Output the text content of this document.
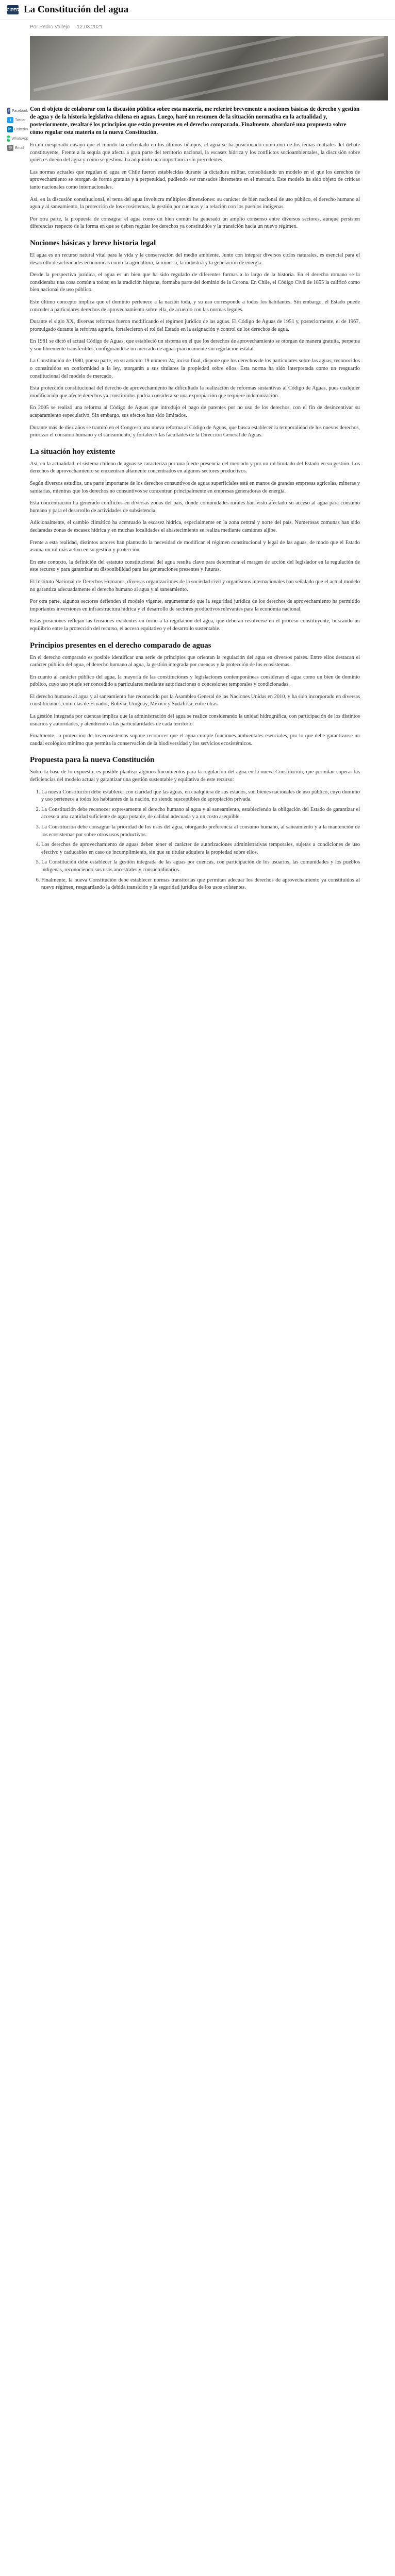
CIPER La Constitución del agua
Por Pedro Vallejo 12.03.2021
f Facebook
t	Twitter
in LinkedIn
w WhatsApp
@ Email

Con el objeto de colaborar con la discusión pública sobre esta materia, me referiré brevemente a nociones básicas de derecho y gestión de agua y de la historia legislativa chilena en aguas. Luego, haré un resumen de la situación normativa en la actualidad y, posteriormente, resaltaré los principios que están presentes en el derecho comparado. Finalmente, abordaré una propuesta sobre cómo regular esta materia en la nueva Constitución.

En un inesperado ensayo que el mundo ha enfrentado en los últimos tiempos, el agua se ha posicionado como uno de los temas centrales del debate constituyente. Frente a la sequía que afecta a gran parte del territorio nacional, la escasez hídrica y los conflictos socioambientales, la discusión sobre quién es dueño del agua y cómo se gestiona ha adquirido una importancia sin precedentes.

Las normas actuales que regulan el agua en Chile fueron establecidas durante la dictadura militar, consolidando un modelo en el que los derechos de aprovechamiento se otorgan de forma gratuita y a perpetuidad, pudiendo ser transados libremente en el mercado. Este modelo ha sido objeto de críticas tanto nacionales como internacionales.

Así, en la discusión constitucional, el tema del agua involucra múltiples dimensiones: su carácter de bien nacional de uso público, el derecho humano al agua y al saneamiento, la protección de los ecosistemas, la gestión por cuencas y la relación con los pueblos indígenas.

Por otra parte, la propuesta de consagrar el agua como un bien común ha generado un amplio consenso entre diversos sectores, aunque persisten diferencias respecto de la forma en que se deben regular los derechos ya constituidos y la transición hacia un nuevo régimen.

Nociones básicas y breve historia legal

El agua es un recurso natural vital para la vida y la conservación del medio ambiente. Junto con integrar diversos ciclos naturales, es esencial para el desarrollo de actividades económicas como la agricultura, la minería, la industria y la generación de energía.

Desde la perspectiva jurídica, el agua es un bien que ha sido regulado de diferentes formas a lo largo de la historia. En el derecho romano se la consideraba una cosa común a todos; en la tradición hispana, formaba parte del dominio de la Corona. En Chile, el Código Civil de 1855 la calificó como bien nacional de uso público.

Este último concepto implica que el dominio pertenece a la nación toda, y su uso corresponde a todos los habitantes. Sin embargo, el Estado puede conceder a particulares derechos de aprovechamiento sobre ella, de acuerdo con las normas legales.

Durante el siglo XX, diversas reformas fueron modificando el régimen jurídico de las aguas. El Código de Aguas de 1951 y, posteriormente, el de 1967, promulgado durante la reforma agraria, fortalecieron el rol del Estado en la asignación y control de los derechos de agua.

En 1981 se dictó el actual Código de Aguas, que estableció un sistema en el que los derechos de aprovechamiento se otorgan de manera gratuita, perpetua y son libremente transferibles, configurándose un mercado de aguas prácticamente sin regulación estatal.

La Constitución de 1980, por su parte, en su artículo 19 número 24, inciso final, dispone que los derechos de los particulares sobre las aguas, reconocidos o constituidos en conformidad a la ley, otorgarán a sus titulares la propiedad sobre ellos. Esta norma ha sido interpretada como un resguardo constitucional del modelo de mercado.

Esta protección constitucional del derecho de aprovechamiento ha dificultado la realización de reformas sustantivas al Código de Aguas, pues cualquier modificación que afecte derechos ya constituidos podría considerarse una expropiación que requiere indemnización.

En 2005 se realizó una reforma al Código de Aguas que introdujo el pago de patentes por no uso de los derechos, con el fin de desincentivar su acaparamiento especulativo. Sin embargo, sus efectos han sido limitados.

Durante más de diez años se tramitó en el Congreso una nueva reforma al Código de Aguas, que busca establecer la temporalidad de los nuevos derechos, priorizar el consumo humano y el saneamiento, y fortalecer las facultades de la Dirección General de Aguas.

La situación hoy existente

Así, en la actualidad, el sistema chileno de aguas se caracteriza por una fuerte presencia del mercado y por un rol limitado del Estado en su gestión. Los derechos de aprovechamiento se encuentran altamente concentrados en algunos sectores productivos.

Según diversos estudios, una parte importante de los derechos consuntivos de aguas superficiales está en manos de grandes empresas agrícolas, mineras y sanitarias, mientras que los derechos no consuntivos se concentran principalmente en empresas generadoras de energía.

Esta concentración ha generado conflictos en diversas zonas del país, donde comunidades rurales han visto afectado su acceso al agua para consumo humano y para el desarrollo de actividades de subsistencia.

Adicionalmente, el cambio climático ha acentuado la escasez hídrica, especialmente en la zona central y norte del país. Numerosas comunas han sido declaradas zonas de escasez hídrica y en muchas localidades el abastecimiento se realiza mediante camiones aljibe.

Frente a esta realidad, distintos actores han planteado la necesidad de modificar el régimen constitucional y legal de las aguas, de modo que el Estado asuma un rol más activo en su gestión y protección.

En este contexto, la definición del estatuto constitucional del agua resulta clave para determinar el margen de acción del legislador en la regulación de este recurso y para garantizar su disponibilidad para las generaciones presentes y futuras.

El Instituto Nacional de Derechos Humanos, diversas organizaciones de la sociedad civil y organismos internacionales han señalado que el actual modelo no garantiza adecuadamente el derecho humano al agua y al saneamiento.

Por otra parte, algunos sectores defienden el modelo vigente, argumentando que la seguridad jurídica de los derechos de aprovechamiento ha permitido importantes inversiones en infraestructura hídrica y el desarrollo de sectores productivos relevantes para la economía nacional.

Estas posiciones reflejan las tensiones existentes en torno a la regulación del agua, que deberán resolverse en el proceso constituyente, buscando un equilibrio entre la protección del recurso, el acceso equitativo y el desarrollo sustentable.

Principios presentes en el derecho comparado de aguas

En el derecho comparado es posible identificar una serie de principios que orientan la regulación del agua en diversos países. Entre ellos destacan el carácter público del agua, el derecho humano al agua, la gestión integrada por cuencas y la protección de los ecosistemas.

En cuanto al carácter público del agua, la mayoría de las constituciones y legislaciones contemporáneas consideran el agua como un bien de dominio público, cuyo uso puede ser concedido a particulares mediante autorizaciones o concesiones temporales y condicionadas.

El derecho humano al agua y al saneamiento fue reconocido por la Asamblea General de las Naciones Unidas en 2010, y ha sido incorporado en diversas constituciones, como las de Ecuador, Bolivia, Uruguay, México y Sudáfrica, entre otras.

La gestión integrada por cuencas implica que la administración del agua se realice considerando la unidad hidrográfica, con participación de los distintos usuarios y autoridades, y atendiendo a las particularidades de cada territorio.

Finalmente, la protección de los ecosistemas supone reconocer que el agua cumple funciones ambientales esenciales, por lo que debe garantizarse un caudal ecológico mínimo que permita la conservación de la biodiversidad y los servicios ecosistémicos.

Propuesta para la nueva Constitución

Sobre la base de lo expuesto, es posible plantear algunos lineamientos para la regulación del agua en la nueva Constitución, que permitan superar las deficiencias del modelo actual y garantizar una gestión sustentable y equitativa de este recurso:

1. La nueva Constitución debe establecer con claridad que las aguas, en cualquiera de sus estados, son bienes nacionales de uso público, cuyo dominio y uso pertenece a todos los habitantes de la nación, no siendo susceptibles de apropiación privada.
2. La Constitución debe reconocer expresamente el derecho humano al agua y al saneamiento, estableciendo la obligación del Estado de garantizar el acceso a una cantidad suficiente de agua potable, de calidad adecuada y a un costo asequible.
3. La Constitución debe consagrar la prioridad de los usos del agua, otorgando preferencia al consumo humano, al saneamiento y a la mantención de los ecosistemas por sobre otros usos productivos.
4. Los derechos de aprovechamiento de aguas deben tener el carácter de autorizaciones administrativas temporales, sujetas a condiciones de uso efectivo y caducables en caso de incumplimiento, sin que su titular adquiera la propiedad sobre ellos.
5. La Constitución debe establecer la gestión integrada de las aguas por cuencas, con participación de los usuarios, las comunidades y los pueblos indígenas, reconociendo sus usos ancestrales y consuetudinarios.
6. Finalmente, la nueva Constitución debe establecer normas transitorias que permitan adecuar los derechos de aprovechamiento ya constituidos al nuevo régimen, resguardando la debida transición y la seguridad jurídica de los usos existentes.
